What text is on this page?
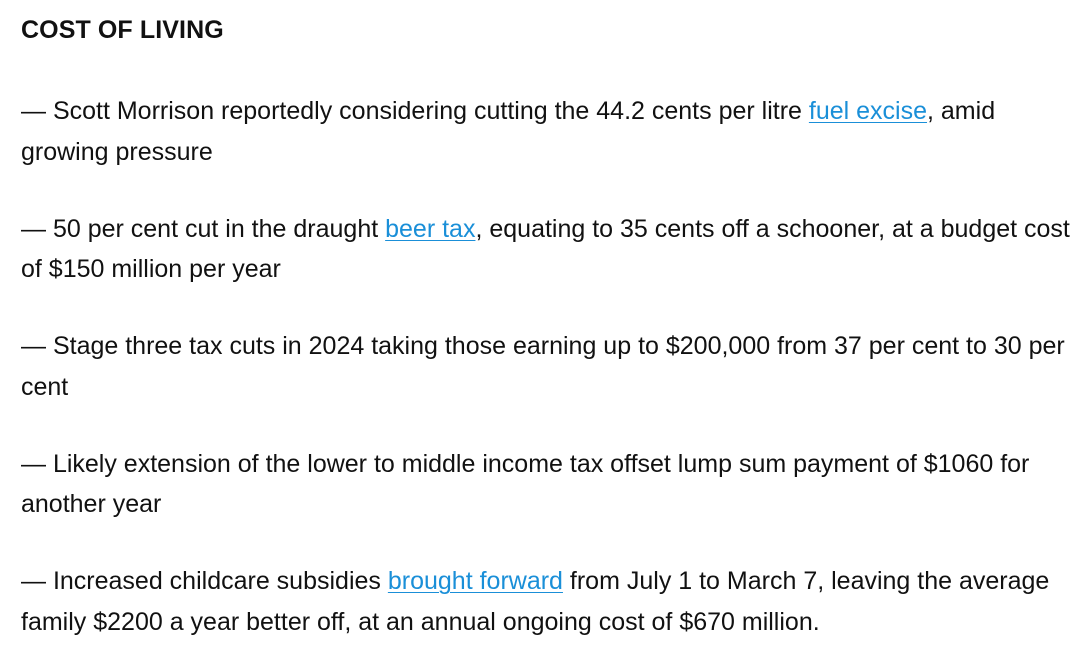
COST OF LIVING

— Scott Morrison reportedly considering cutting the 44.2 cents per litre fuel excise, amid growing pressure

— 50 per cent cut in the draught beer tax, equating to 35 cents off a schooner, at a budget cost of $150 million per year

— Stage three tax cuts in 2024 taking those earning up to $200,000 from 37 per cent to 30 per cent

— Likely extension of the lower to middle income tax offset lump sum payment of $1060 for another year

— Increased childcare subsidies brought forward from July 1 to March 7, leaving the average family $2200 a year better off, at an annual ongoing cost of $670 million.
